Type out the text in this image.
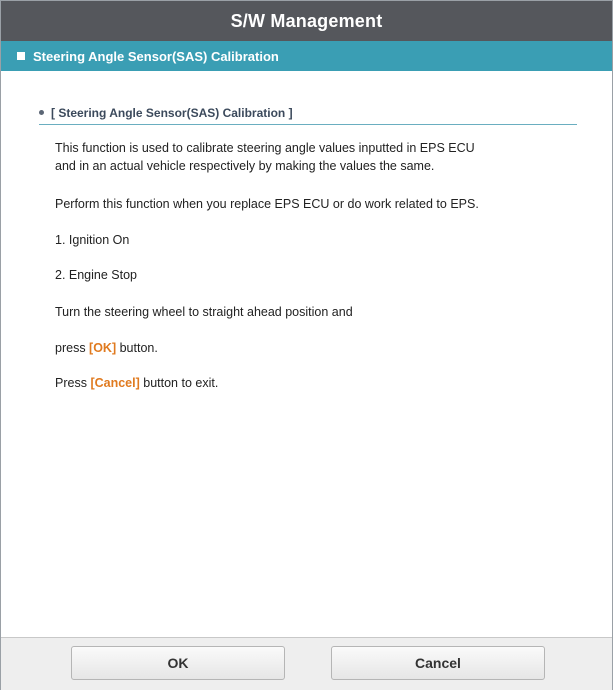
S/W Management
Steering Angle Sensor(SAS) Calibration
[ Steering Angle Sensor(SAS) Calibration ]
This function is used to calibrate steering angle values inputted in EPS ECU
and in an actual vehicle respectively by making the values the same.
Perform this function when you replace EPS ECU or do work related to EPS.
1. Ignition On
2. Engine Stop
Turn the steering wheel to straight ahead position and
press [OK] button.
Press [Cancel] button to exit.
OK	Cancel
